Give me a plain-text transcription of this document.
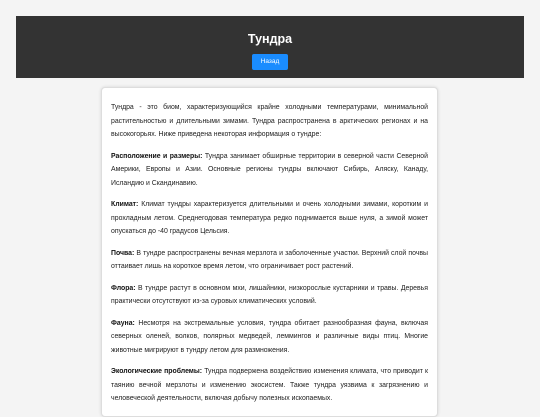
Тундра
Назад

Тундра - это биом, характеризующийся крайне холодными температурами, минимальной растительностью и длительными зимами. Тундра распространена в арктических регионах и на высокогорьях. Ниже приведена некоторая информация о тундре:

Расположение и размеры: Тундра занимает обширные территории в северной части Северной Америки, Европы и Азии. Основные регионы тундры включают Сибирь, Аляску, Канаду, Исландию и Скандинавию.

Климат: Климат тундры характеризуется длительными и очень холодными зимами, коротким и прохладным летом. Среднегодовая температура редко поднимается выше нуля, а зимой может опускаться до -40 градусов Цельсия.

Почва: В тундре распространены вечная мерзлота и заболоченные участки. Верхний слой почвы оттаивает лишь на короткое время летом, что ограничивает рост растений.

Флора: В тундре растут в основном мхи, лишайники, низкорослые кустарники и травы. Деревья практически отсутствуют из-за суровых климатических условий.

Фауна: Несмотря на экстремальные условия, тундра обитает разнообразная фауна, включая северных оленей, волков, полярных медведей, леммингов и различные виды птиц. Многие животные мигрируют в тундру летом для размножения.

Экологические проблемы: Тундра подвержена воздействию изменения климата, что приводит к таянию вечной мерзлоты и изменению экосистем. Также тундра уязвима к загрязнению и человеческой деятельности, включая добычу полезных ископаемых.
